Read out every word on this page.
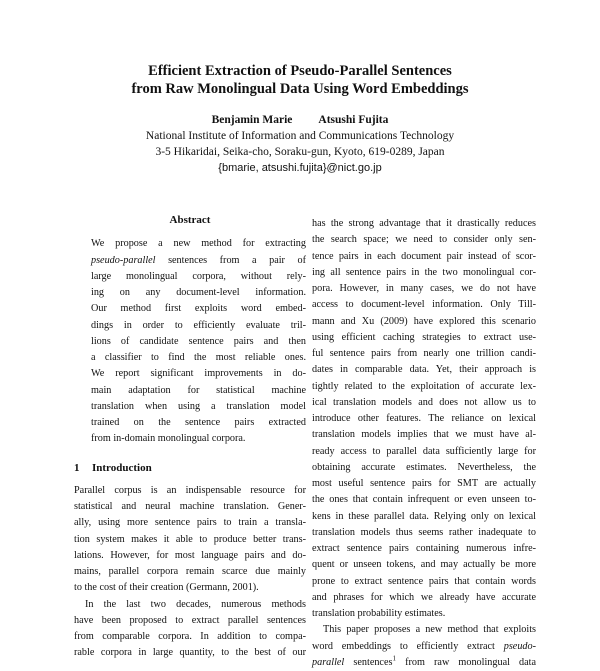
Efficient Extraction of Pseudo-Parallel Sentences
from Raw Monolingual Data Using Word Embeddings
Benjamin Marie Atsushi Fujita
National Institute of Information and Communications Technology
3-5 Hikaridai, Seika-cho, Soraku-gun, Kyoto, 619-0289, Japan
{bmarie, atsushi.fujita}@nict.go.jp
Abstract
We propose a new method for extracting
pseudo-parallel sentences from a pair of
large monolingual corpora, without rely-
ing on any document-level information.
Our method first exploits word embed-
dings in order to efficiently evaluate tril-
lions of candidate sentence pairs and then
a classifier to find the most reliable ones.
We report significant improvements in do-
main adaptation for statistical machine
translation when using a translation model
trained on the sentence pairs extracted
from in-domain monolingual corpora.
1 Introduction
Parallel corpus is an indispensable resource for
statistical and neural machine translation. Gener-
ally, using more sentence pairs to train a transla-
tion system makes it able to produce better trans-
lations. However, for most language pairs and do-
mains, parallel corpora remain scarce due mainly
to the cost of their creation (Germann, 2001).
In the last two decades, numerous methods
have been proposed to extract parallel sentences
from comparable corpora. In addition to compa-
rable corpora in large quantity, to the best of our
has the strong advantage that it drastically reduces
the search space; we need to consider only sen-
tence pairs in each document pair instead of scor-
ing all sentence pairs in the two monolingual cor-
pora. However, in many cases, we do not have
access to document-level information. Only Till-
mann and Xu (2009) have explored this scenario
using efficient caching strategies to extract use-
ful sentence pairs from nearly one trillion candi-
dates in comparable data. Yet, their approach is
tightly related to the exploitation of accurate lex-
ical translation models and does not allow us to
introduce other features. The reliance on lexical
translation models implies that we must have al-
ready access to parallel data sufficiently large for
obtaining accurate estimates. Nevertheless, the
most useful sentence pairs for SMT are actually
the ones that contain infrequent or even unseen to-
kens in these parallel data. Relying only on lexical
translation models thus seems rather inadequate to
extract sentence pairs containing numerous infre-
quent or unseen tokens, and may actually be more
prone to extract sentence pairs that contain words
and phrases for which we already have accurate
translation probability estimates.
This paper proposes a new method that exploits
word embeddings to efficiently extract pseudo-
parallel sentences$^1$ from raw monolingual data
